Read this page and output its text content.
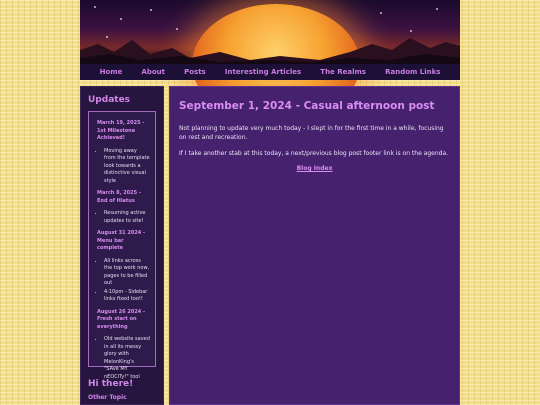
Home	About	Posts	Interesting Articles	The Realms	Random Links
Updates
March 19, 2025 - 1st Milestone Achieved!
• Moving away from the template look towards a distinctive visual style
March 8, 2025 - End of Hiatus
• Resuming active updates to site!
August 31 2024 - Menu bar complete
• All links across the top work now, pages to be filled out
• 4:10pm - Sidebar links fixed too!!
August 26 2024 - Fresh start on everything
• Old website saved in all its messy glory with MelonKing's "SAve MY nEOCiTy!" tool
Hi there!
Other Topic
September 1, 2024 - Casual afternoon post

Not planning to update very much today - I slept in for the first time in a while, focusing on rest and recreation.

If I take another stab at this today, a next/previous blog post footer link is on the agenda.

Blog Index
